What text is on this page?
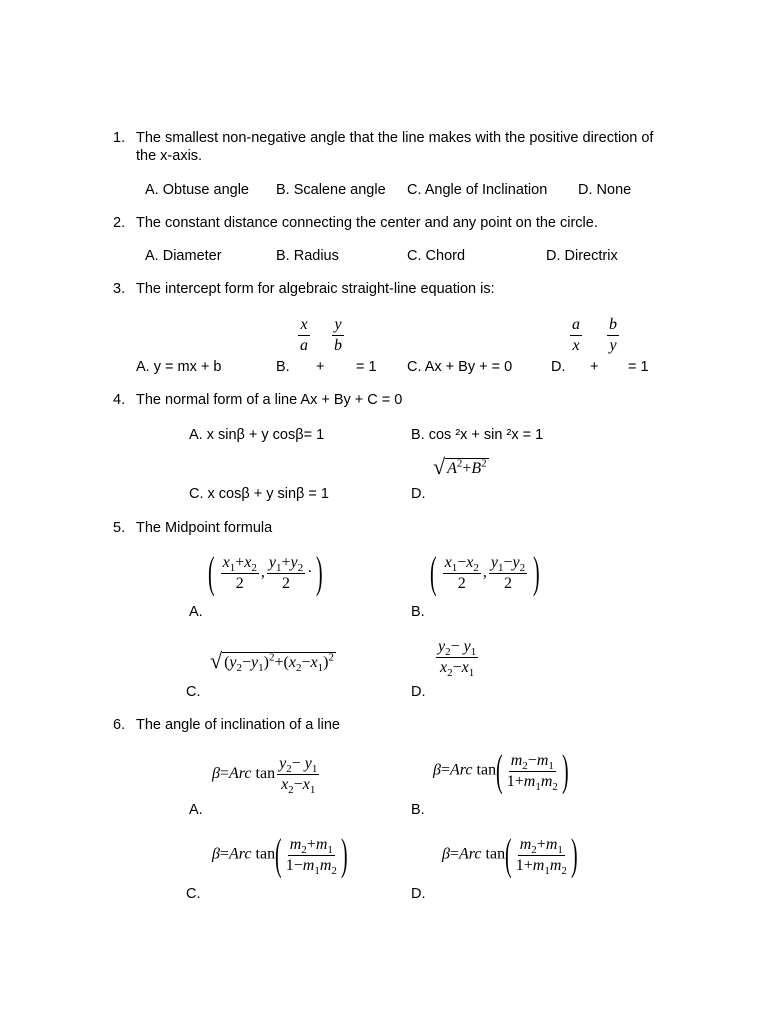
1. The smallest non-negative angle that the line makes with the positive direction of
the x-axis.
A. Obtuse angle B. Scalene angle C. Angle of Inclination D. None
2. The constant distance connecting the center and any point on the circle.
A. Diameter	B. Radius	C. Chord	D. Directrix
3. The intercept form for algebraic straight-line equation is:
A. y = mx + b	B.
$\frac{x}{a} \frac{y}{b}$
+ = 1 C. Ax + By + = 0	D.
$\frac{a}{x} \frac{b}{y}$
+ = 1
4. The normal form of a line Ax + By + C = 0
A. x sinβ + y cosβ= 1	B. cos ²x + sin ²x = 1
C. x cosβ + y sinβ = 1	D.
√ $A^2+B^2$
5. The Midpoint formula
( $\frac{x_1+x_2}{2}$ , $\frac{y_1+y_2}{2}$ · )
A.
( $\frac{x_1-x_2}{2}$ , $\frac{y_1-y_2}{2}$ )
B.
√ $(y_2-y_1)^2+(x_2-x_1)^2$
C.
$\frac{y_2- y_1}{x_2-x_1}$
D.
6. The angle of inclination of a line
β=Arc $\tan \frac{y_2- y_1}{x_2-x_1}$
A.
β=Arc $\tan( \frac{m_2-m_1}{1+m_1m_2}$ )
B.
β=Arc $\tan( \frac{m_2+m_1}{1-m_1m_2}$ )
C.
β=Arc $\tan( \frac{m_2+m_1}{1+m_1m_2}$ )
D.
